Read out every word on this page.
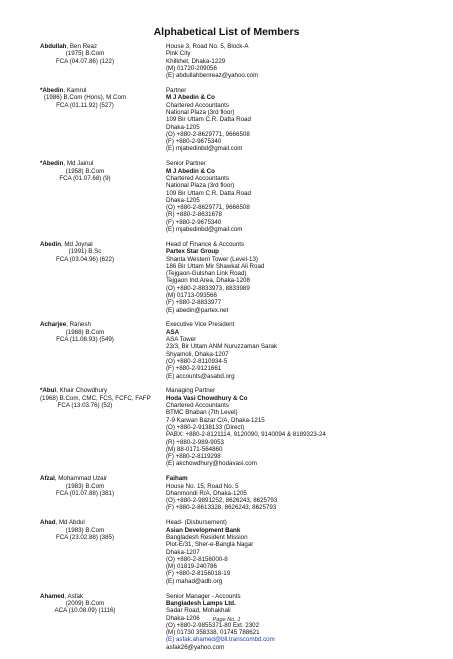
Alphabetical List of Members
Abdullah, Ben Reaz
(1975) B.Com
FCA (04.07.86) (122)
House 3, Road No. 5, Block-A
Pink City
Khilkhet, Dhaka-1229
(M) 01720-209056
(E) abdullahbenreaz@yahoo.com
*Abedin, Kamrul
(1986) B.Com (Hons), M.Com
FCA (01.11.92) (527)
Partner
M J Abedin & Co
Chartered Accountants
National Plaza (3rd floor)
109 Bir Uttam C.R. Datta Road
Dhaka-1205
(O) +880-2-8629771, 9666508
(F) +880-2-9675340
(E) mjabedinbd@gmail.com
*Abedin, Md Jainul
(1958) B.Com
FCA (01.07.68) (9)
Senior Partner
M J Abedin & Co
Chartered Accountants
National Plaza (3rd floor)
109 Bir Uttam C.R. Datta Road
Dhaka-1205
(O) +880-2-8629771, 9666508
(R) +880-2-8631678
(F) +880-2-9675340
(E) mjabedinbd@gmail.com
Abedin, Md Joynal
(1991) B.Sc
FCA (03.04.96) (622)
Head of Finance & Accounts
Partex Star Group
Shanta Western Tower (Level-13)
186 Bir Uttam Mir Shawkat Ali Road
(Tejgaon-Gulshan Link Road)
Tejgaon Ind.Area, Dhaka-1208
(O) +880-2-8833973, 8833989
(M) 01713-093566
(F) +880-2-8833977
(E) abedin@partex.net
Acharjee, Ranesh
(1988) B.Com
FCA (11.08.93) (549)
Executive Vice President
ASA
ASA Tower
23/3, Bir Uttam ANM Nuruzzaman Sarak
Shyamoli, Dhaka-1207
(O) +880-2-8110934-5
(F) +880-2-9121661
(E) accounts@asabd.org
*Abul, Khair Chowdhury
(1968) B.Com, CMC, FCS, FCFC, FAFP
FCA (13.03.76) (52)
Managing Partner
Hoda Vasi Chowdhury & Co
Chartered Accountants
BTMC Bhaban (7th Level)
7-9 Karwan Bazar C/A, Dhaka-1215
(O) +880-2-9138133 (Direct)
PABX: +880-2-8121114, 9120090, 9140094 & 8189323-24
(R) +880-2-989-9053
(M) 88-0171-564860
(F) +880-2-8119298
(E) akchowdhury@hodavasi.com
Afzal, Mohammad Uzair
(1983) B.Com
FCA (01.07.88) (381)
Faiham
House No. 15, Road No. 5
Dhanmondi R/A, Dhaka-1205
(O) +880-2-9891252, 8626243, 8625793
(F) +880-2-8613328, 8626243, 8625793
Ahad, Md Abdul
(1983) B.Com
FCA (23.02.88) (385)
Head- (Disbursement)
Asian Development Bank
Bangladesh Resident Mission
Plot-E/31, Sher-e-Bangla Nagar
Dhaka-1207
(O) +880-2-8156000-8
(M) 01819-240786
(F) +880-2-8156018-19
(E) mahad@adb.org
Ahamed, Asfak
(2009) B.Com
ACA (10.08.09) (1116)
Senior Manager - Accounts
Bangladesh Lamps Ltd.
Sadar Road, Mohakhali
Dhaka-1206
(O) +880-2-9855371-80 Ext. 2302
(M) 01730 358338, 01745 788621
(E) asfak.ahamed@bll.transcombd.com
asfak26@yahoo.com
Page No. 1
